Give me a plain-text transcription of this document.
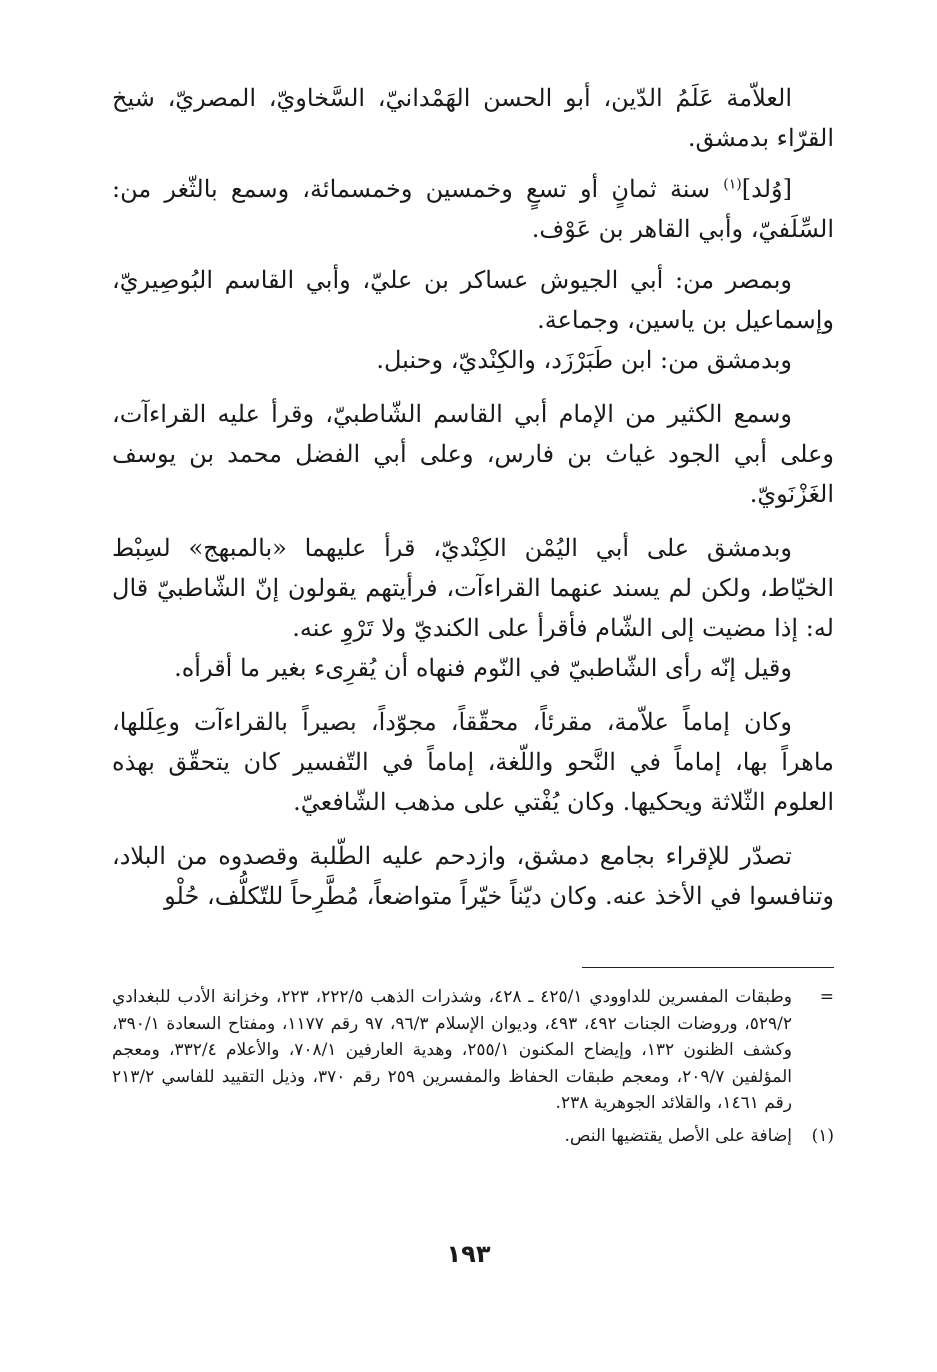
العلاّمة عَلَمُ الدّين، أبو الحسن الهَمْدانيّ، السَّخاويّ، المصريّ، شيخ القرّاء بدمشق.

[وُلد]$^{(١)}$ سنة ثمانٍ أو تسعٍ وخمسين وخمسمائة، وسمع بالثّغر من: السِّلَفيّ، وأبي القاهر بن عَوْف.

وبمصر من: أبي الجيوش عساكر بن عليّ، وأبي القاسم البُوصِيريّ، وإسماعيل بن ياسين، وجماعة.

وبدمشق من: ابن طَبَرْزَد، والكِنْديّ، وحنبل.

وسمع الكثير من الإمام أبي القاسم الشّاطبيّ، وقرأ عليه القراءآت، وعلى أبي الجود غياث بن فارس، وعلى أبي الفضل محمد بن يوسف الغَزْنَويّ.

وبدمشق على أبي اليُمْن الكِنْديّ، قرأ عليهما «بالمبهج» لسِبْط الخيّاط، ولكن لم يسند عنهما القراءآت، فرأيتهم يقولون إنّ الشّاطبيّ قال له: إذا مضيت إلى الشّام فأقرأ على الكنديّ ولا تَرْوِ عنه.

وقيل إنّه رأى الشّاطبيّ في النّوم فنهاه أن يُقرِىء بغير ما أقرأه.

وكان إماماً علاّمة، مقرئاً، محقّقاً، مجوّداً، بصيراً بالقراءآت وعِلَلها، ماهراً بها، إماماً في النَّحو واللّغة، إماماً في التّفسير كان يتحقّق بهذه العلوم الثّلاثة ويحكيها. وكان يُفْتي على مذهب الشّافعيّ.

تصدّر للإقراء بجامع دمشق، وازدحم عليه الطّلبة وقصدوه من البلاد، وتنافسوا في الأخذ عنه. وكان ديّناً خيّراً متواضعاً، مُطَّرِحاً للتّكلُّف، حُلْو

=
وطبقات المفسرين للداوودي ٤٢٥/١ ـ ٤٢٨، وشذرات الذهب ٢٢٢/٥، ٢٢٣، وخزانة الأدب للبغدادي ٥٢٩/٢، وروضات الجنات ٤٩٢، ٤٩٣، وديوان الإسلام ٩٦/٣، ٩٧ رقم ١١٧٧، ومفتاح السعادة ٣٩٠/١، وكشف الظنون ١٣٢، وإيضاح المكنون ٢٥٥/١، وهدية العارفين ٧٠٨/١، والأعلام ٣٣٢/٤، ومعجم المؤلفين ٢٠٩/٧، ومعجم طبقات الحفاظ والمفسرين ٢٥٩ رقم ٣٧٠، وذيل التقييد للفاسي ٢١٣/٢ رقم ١٤٦١، والقلائد الجوهرية ٢٣٨.
(١)
إضافة على الأصل يقتضيها النص.
١٩٣
